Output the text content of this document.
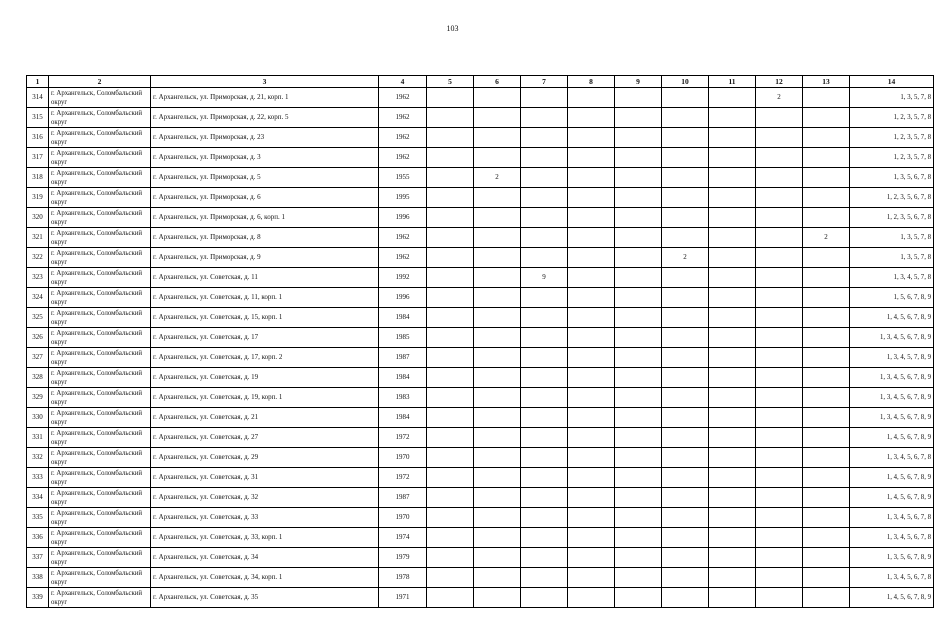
103
1	2	3	4	5	6	7	8	9	10	11	12	13	14
314	г. Архангельск, Соломбальский округ	г. Архангельск, ул. Приморская, д. 21, корп. 1	1962								2		1, 3, 5, 7, 8
315	г. Архангельск, Соломбальский округ	г. Архангельск, ул. Приморская, д. 22, корп. 5	1962										1, 2, 3, 5, 7, 8
316	г. Архангельск, Соломбальский округ	г. Архангельск, ул. Приморская, д. 23	1962										1, 2, 3, 5, 7, 8
317	г. Архангельск, Соломбальский округ	г. Архангельск, ул. Приморская, д. 3	1962										1, 2, 3, 5, 7, 8
318	г. Архангельск, Соломбальский округ	г. Архангельск, ул. Приморская, д. 5	1955		2								1, 3, 5, 6, 7, 8
319	г. Архангельск, Соломбальский округ	г. Архангельск, ул. Приморская, д. 6	1995										1, 2, 3, 5, 6, 7, 8
320	г. Архангельск, Соломбальский округ	г. Архангельск, ул. Приморская, д. 6, корп. 1	1996										1, 2, 3, 5, 6, 7, 8
321	г. Архангельск, Соломбальский округ	г. Архангельск, ул. Приморская, д. 8	1962									2	1, 3, 5, 7, 8
322	г. Архангельск, Соломбальский округ	г. Архангельск, ул. Приморская, д. 9	1962						2				1, 3, 5, 7, 8
323	г. Архангельск, Соломбальский округ	г. Архангельск, ул. Советская, д. 11	1992			9							1, 3, 4, 5, 7, 8
324	г. Архангельск, Соломбальский округ	г. Архангельск, ул. Советская, д. 11, корп. 1	1996										1, 5, 6, 7, 8, 9
325	г. Архангельск, Соломбальский округ	г. Архангельск, ул. Советская, д. 15, корп. 1	1984										1, 4, 5, 6, 7, 8, 9
326	г. Архангельск, Соломбальский округ	г. Архангельск, ул. Советская, д. 17	1985										1, 3, 4, 5, 6, 7, 8, 9
327	г. Архангельск, Соломбальский округ	г. Архангельск, ул. Советская, д. 17, корп. 2	1987										1, 3, 4, 5, 7, 8, 9
328	г. Архангельск, Соломбальский округ	г. Архангельск, ул. Советская, д. 19	1984										1, 3, 4, 5, 6, 7, 8, 9
329	г. Архангельск, Соломбальский округ	г. Архангельск, ул. Советская, д. 19, корп. 1	1983										1, 3, 4, 5, 6, 7, 8, 9
330	г. Архангельск, Соломбальский округ	г. Архангельск, ул. Советская, д. 21	1984										1, 3, 4, 5, 6, 7, 8, 9
331	г. Архангельск, Соломбальский округ	г. Архангельск, ул. Советская, д. 27	1972										1, 4, 5, 6, 7, 8, 9
332	г. Архангельск, Соломбальский округ	г. Архангельск, ул. Советская, д. 29	1970										1, 3, 4, 5, 6, 7, 8
333	г. Архангельск, Соломбальский округ	г. Архангельск, ул. Советская, д. 31	1972										1, 4, 5, 6, 7, 8, 9
334	г. Архангельск, Соломбальский округ	г. Архангельск, ул. Советская, д. 32	1987										1, 4, 5, 6, 7, 8, 9
335	г. Архангельск, Соломбальский округ	г. Архангельск, ул. Советская, д. 33	1970										1, 3, 4, 5, 6, 7, 8
336	г. Архангельск, Соломбальский округ	г. Архангельск, ул. Советская, д. 33, корп. 1	1974										1, 3, 4, 5, 6, 7, 8
337	г. Архангельск, Соломбальский округ	г. Архангельск, ул. Советская, д. 34	1979										1, 3, 5, 6, 7, 8, 9
338	г. Архангельск, Соломбальский округ	г. Архангельск, ул. Советская, д. 34, корп. 1	1978										1, 3, 4, 5, 6, 7, 8
339	г. Архангельск, Соломбальский округ	г. Архангельск, ул. Советская, д. 35	1971										1, 4, 5, 6, 7, 8, 9
